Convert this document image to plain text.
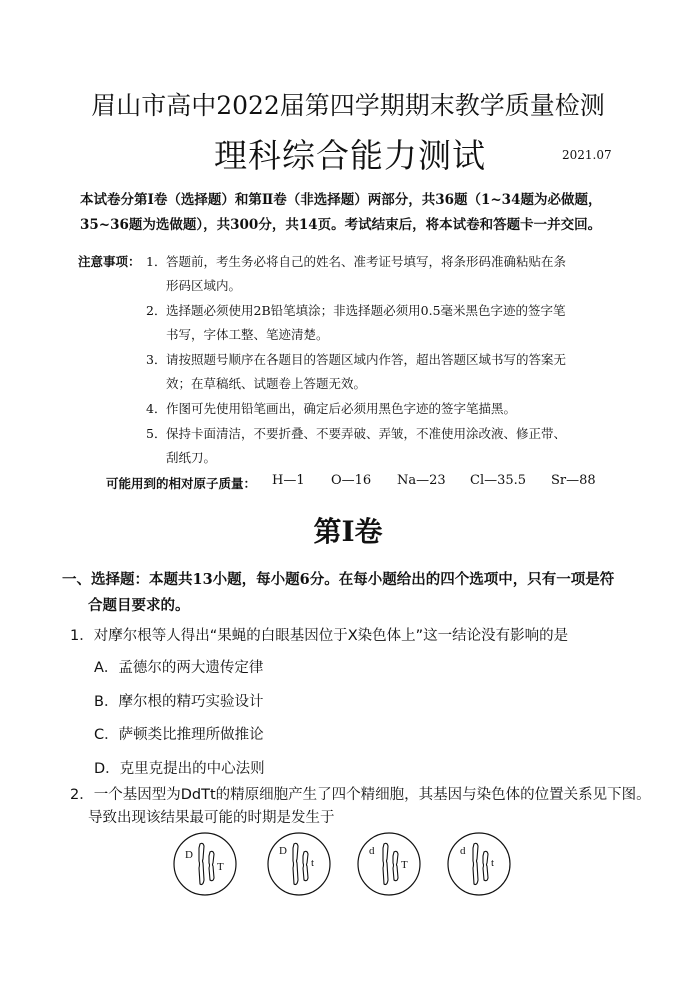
眉山市高中2022届第四学期期末教学质量检测
理科综合能力测试	2021.07
本试卷分第Ⅰ卷（选择题）和第Ⅱ卷（非选择题）两部分，共36题（1~34题为必做题，
35~36题为选做题），共300分，共14页。考试结束后，将本试卷和答题卡一并交回。
注意事项： 1． 答题前，考生务必将自己的姓名、准考证号填写，将条形码准确粘贴在条
形码区域内。
2． 选择题必须使用2B铅笔填涂；非选择题必须用0.5毫米黑色字迹的签字笔
书写，字体工整、笔迹清楚。
3． 请按照题号顺序在各题目的答题区域内作答，超出答题区域书写的答案无
效；在草稿纸、试题卷上答题无效。
4． 作图可先使用铅笔画出，确定后必须用黑色字迹的签字笔描黑。
5． 保持卡面清洁，不要折叠、不要弄破、弄皱，不准使用涂改液、修正带、
刮纸刀。
可能用到的相对原子质量： H—1 O—16 Na—23 Cl—35.5 Sr—88
第Ⅰ卷
一、选择题：本题共13小题，每小题6分。在每小题给出的四个选项中，只有一项是符
合题目要求的。
1．对摩尔根等人得出“果蝇的白眼基因位于X染色体上”这一结论没有影响的是
A．孟德尔的两大遗传定律
B．摩尔根的精巧实验设计
C．萨顿类比推理所做推论
D．克里克提出的中心法则
2．一个基因型为DdTt的精原细胞产生了四个精细胞，其基因与染色体的位置关系见下图。
导致出现该结果最可能的时期是发生于
D
T
D
t
d
T
d
t
